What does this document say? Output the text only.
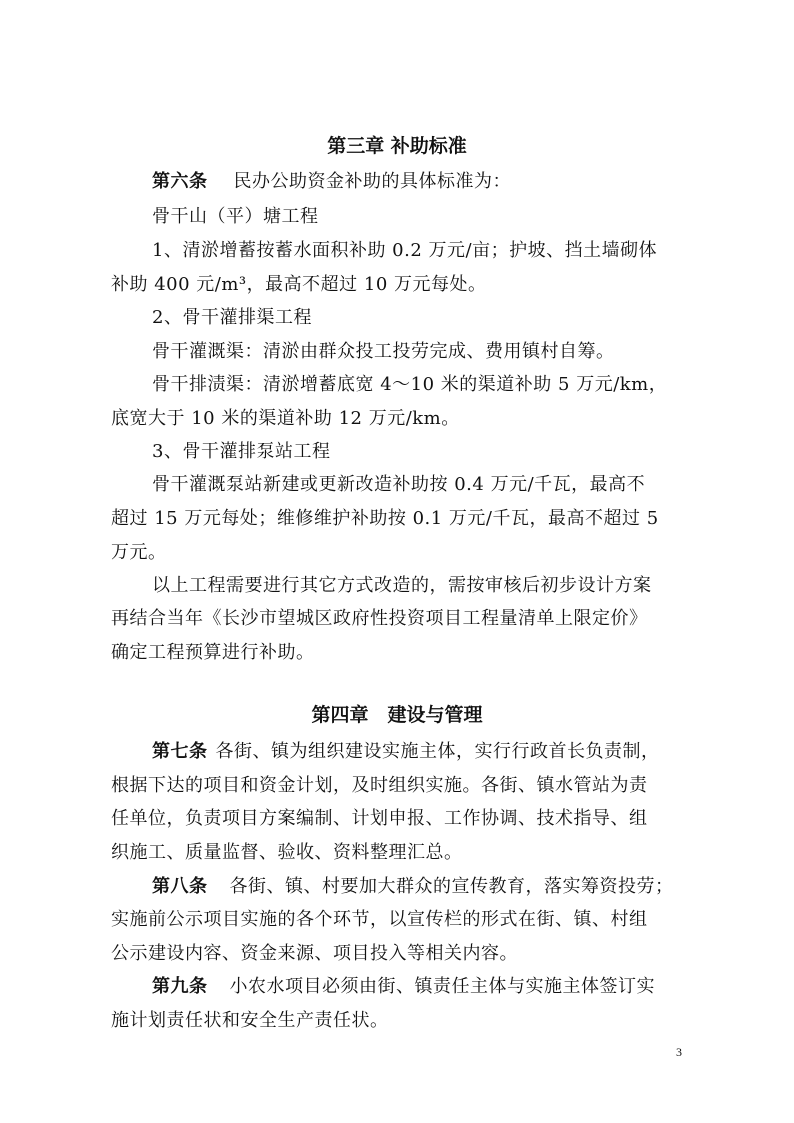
第三章 补助标准

第六条 民办公助资金补助的具体标准为：

骨干山（平）塘工程

1、清淤增蓄按蓄水面积补助 0.2 万元/亩；护坡、挡土墙砌体

补助 400 元/m³，最高不超过 10 万元每处。

2、骨干灌排渠工程

骨干灌溉渠：清淤由群众投工投劳完成、费用镇村自筹。

骨干排渍渠：清淤增蓄底宽 4～10 米的渠道补助 5 万元/km，

底宽大于 10 米的渠道补助 12 万元/km。

3、骨干灌排泵站工程

骨干灌溉泵站新建或更新改造补助按 0.4 万元/千瓦，最高不

超过 15 万元每处；维修维护补助按 0.1 万元/千瓦，最高不超过 5

万元。

以上工程需要进行其它方式改造的，需按审核后初步设计方案

再结合当年《长沙市望城区政府性投资项目工程量清单上限定价》

确定工程预算进行补助。

第四章　建设与管理

第七条 各街、镇为组织建设实施主体，实行行政首长负责制，

根据下达的项目和资金计划，及时组织实施。各街、镇水管站为责

任单位，负责项目方案编制、计划申报、工作协调、技术指导、组

织施工、质量监督、验收、资料整理汇总。

第八条 各街、镇、村要加大群众的宣传教育，落实筹资投劳；

实施前公示项目实施的各个环节，以宣传栏的形式在街、镇、村组

公示建设内容、资金来源、项目投入等相关内容。

第九条 小农水项目必须由街、镇责任主体与实施主体签订实

施计划责任状和安全生产责任状。

3
